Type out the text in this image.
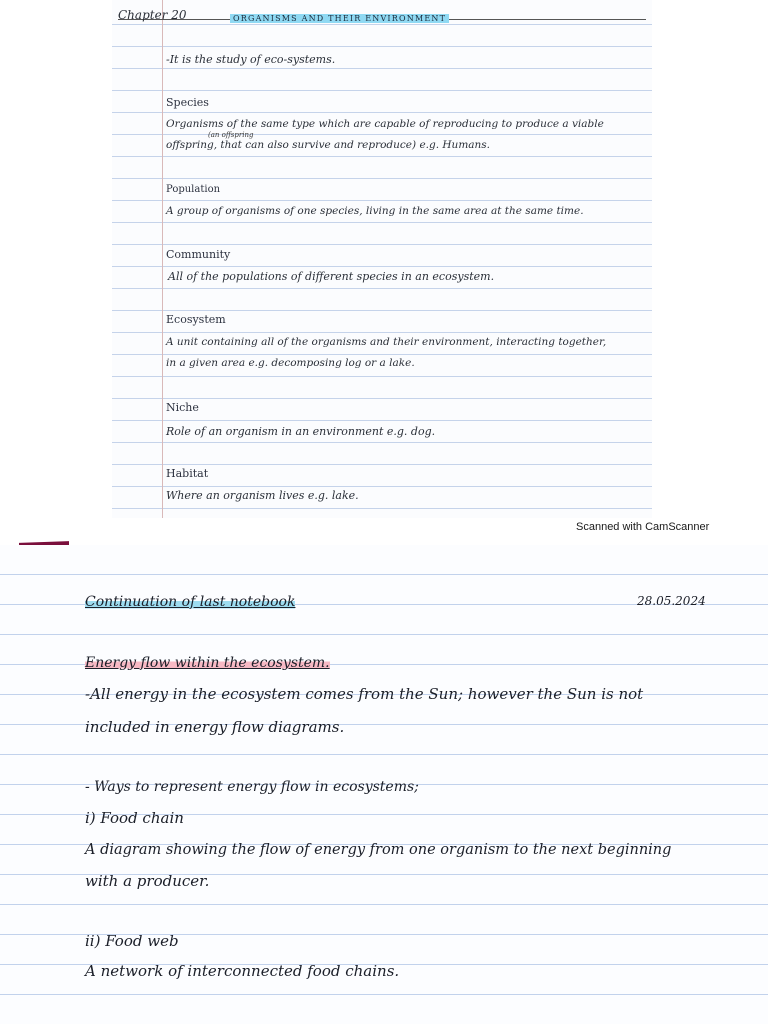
Chapter 20	ORGANISMS AND THEIR ENVIRONMENT
-It is the study of eco-systems.
Species
Organisms of the same type which are capable of reproducing to produce a viable
(an offspring
offspring, that can also survive and reproduce) e.g. Humans.
Population
A group of organisms of one species, living in the same area at the same time.
Community
All of the populations of different species in an ecosystem.
Ecosystem
A unit containing all of the organisms and their environment, interacting together,
in a given area e.g. decomposing log or a lake.
Niche
Role of an organism in an environment e.g. dog.
Habitat
Where an organism lives e.g. lake.
Scanned with CamScanner
Continuation of last notebook	28.05.2024
Energy flow within the ecosystem.
-All energy in the ecosystem comes from the Sun; however the Sun is not
included in energy flow diagrams.
- Ways to represent energy flow in ecosystems;
i) Food chain
A diagram showing the flow of energy from one organism to the next beginning
with a producer.
ii) Food web
A network of interconnected food chains.
